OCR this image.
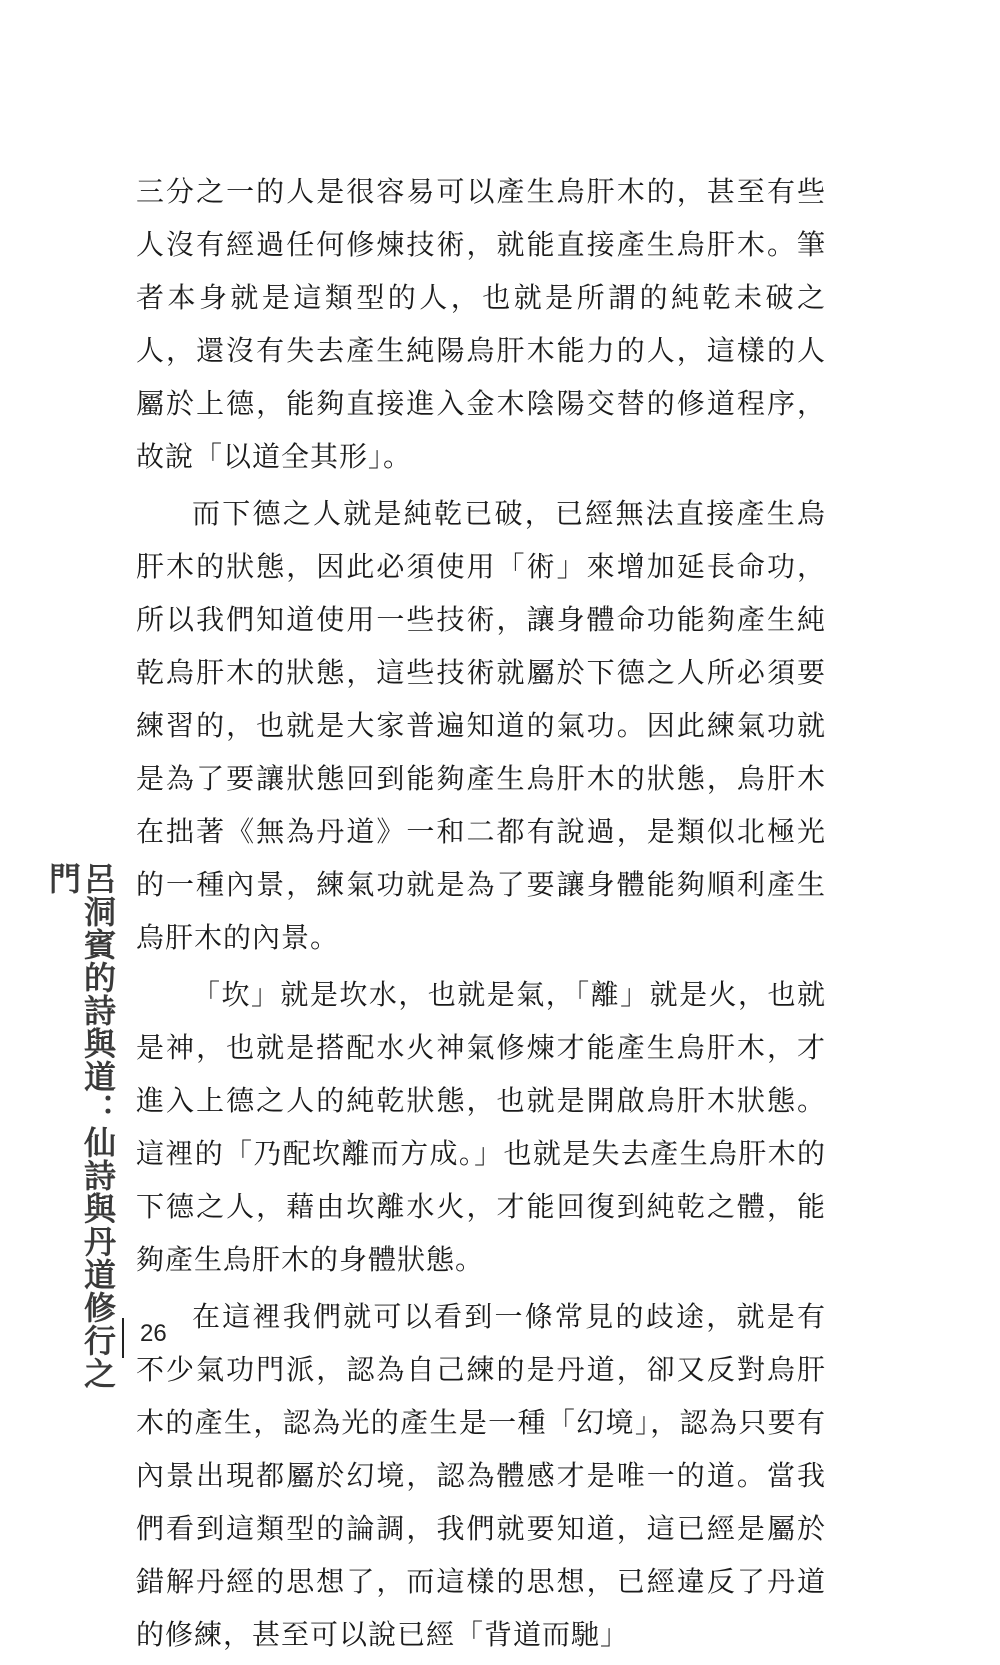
三分之一的人是很容易可以產生烏肝木的，甚至有些人沒有經過任何修煉技術，就能直接產生烏肝木。筆者本身就是這類型的人，也就是所謂的純乾未破之人，還沒有失去產生純陽烏肝木能力的人，這樣的人屬於上德，能夠直接進入金木陰陽交替的修道程序，故說「以道全其形」。

而下德之人就是純乾已破，已經無法直接產生烏肝木的狀態，因此必須使用「術」來增加延長命功，所以我們知道使用一些技術，讓身體命功能夠產生純乾烏肝木的狀態，這些技術就屬於下德之人所必須要練習的，也就是大家普遍知道的氣功。因此練氣功就是為了要讓狀態回到能夠產生烏肝木的狀態，烏肝木在拙著《無為丹道》一和二都有說過，是類似北極光的一種內景，練氣功就是為了要讓身體能夠順利產生烏肝木的內景。

「坎」就是坎水，也就是氣，「離」就是火，也就是神，也就是搭配水火神氣修煉才能產生烏肝木，才進入上德之人的純乾狀態，也就是開啟烏肝木狀態。這裡的「乃配坎離而方成。」也就是失去產生烏肝木的下德之人，藉由坎離水火，才能回復到純乾之體，能夠產生烏肝木的身體狀態。

在這裡我們就可以看到一條常見的歧途，就是有不少氣功門派，認為自己練的是丹道，卻又反對烏肝木的產生，認為光的產生是一種「幻境」，認為只要有內景出現都屬於幻境，認為體感才是唯一的道。當我們看到這類型的論調，我們就要知道，這已經是屬於錯解丹經的思想了，而這樣的思想，已經違反了丹道的修練，甚至可以說已經「背道而馳」

呂洞賓的詩與道：仙詩與丹道修行之門
26
